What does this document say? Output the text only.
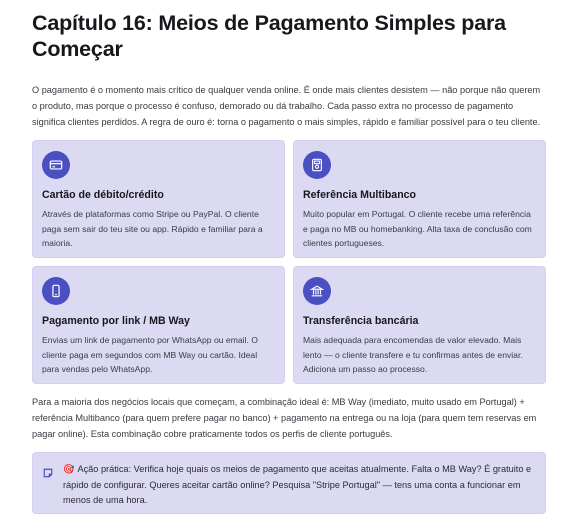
Capítulo 16: Meios de Pagamento Simples para Começar

O pagamento é o momento mais crítico de qualquer venda online. É onde mais clientes desistem — não porque não querem o produto, mas porque o processo é confuso, demorado ou dá trabalho. Cada passo extra no processo de pagamento significa clientes perdidos. A regra de ouro é: torna o pagamento o mais simples, rápido e familiar possível para o teu cliente.

Cartão de débito/crédito
Através de plataformas como Stripe ou PayPal. O cliente paga sem sair do teu site ou app. Rápido e familiar para a maioria.
Referência Multibanco
Muito popular em Portugal. O cliente recebe uma referência e paga no MB ou homebanking. Alta taxa de conclusão com clientes portugueses.
Pagamento por link / MB Way
Envias um link de pagamento por WhatsApp ou email. O cliente paga em segundos com MB Way ou cartão. Ideal para vendas pelo WhatsApp.
Transferência bancária
Mais adequada para encomendas de valor elevado. Mais lento — o cliente transfere e tu confirmas antes de enviar. Adiciona um passo ao processo.

Para a maioria dos negócios locais que começam, a combinação ideal é: MB Way (imediato, muito usado em Portugal) + referência Multibanco (para quem prefere pagar no banco) + pagamento na entrega ou na loja (para quem tem reservas em pagar online). Esta combinação cobre praticamente todos os perfis de cliente português.

🎯 Ação prática: Verifica hoje quais os meios de pagamento que aceitas atualmente. Falta o MB Way? É gratuito e rápido de configurar. Queres aceitar cartão online? Pesquisa "Stripe Portugal" — tens uma conta a funcionar em menos de uma hora.
